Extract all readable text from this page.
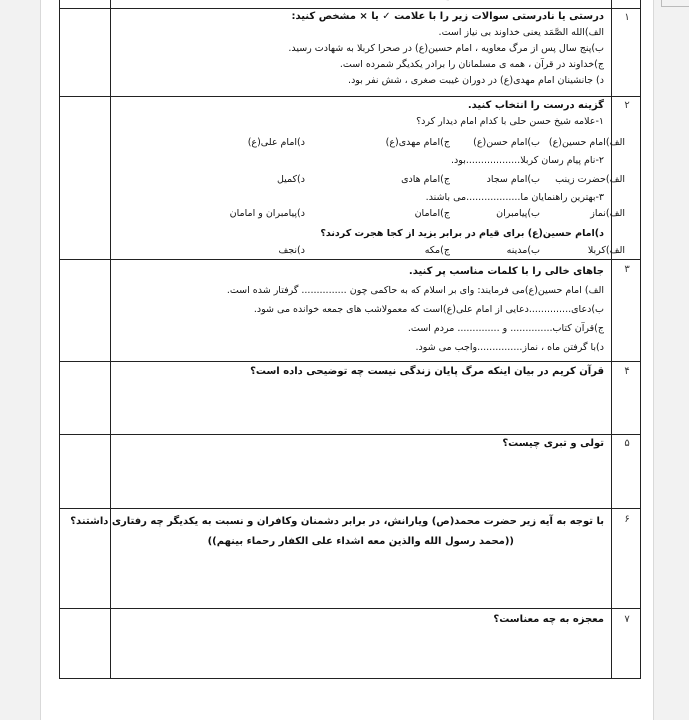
۱
درستی یا نادرستی سوالات زیر را با علامت ✓ یا × مشخص کنید:
الف)الله الصَّمَد یعنی خداوند بی نیاز است.
ب)پنج سال پس از مرگ معاویه ، امام حسین(ع) در صحرا کربلا به شهادت رسید.
ج)خداوند در قرآن ، همه ی مسلمانان را برادر یکدیگر شمرده است.
د) جانشینان امام مهدی(ع) در دوران غیبت صغری ، شش نفر بود.
۲
گزینه درست را انتخاب کنید.
۱-علامه شیخ حسن حلی با کدام امام دیدار کرد؟
الف)امام حسین(ع)
ب)امام حسن(ع)
ج)امام مهدی(ع)
د)امام علی(ع)
۲-نام پیام رسان کربلا..................بود.
الف)حضرت زینب
ب)امام سجاد
ج)امام هادی
د)کمیل
۳-بهترین راهنمایان ما..................می باشند.
الف)نماز
ب)پیامبران
ج)امامان
د)پیامبران و امامان
د)امام حسین(ع) برای قیام در برابر یزید از کجا هجرت کردند؟
الف)کربلا
ب)مدینه
ج)مکه
د)نجف
۳
جاهای خالی را با کلمات مناسب پر کنید.
الف) امام حسین(ع)می فرمایند: وای بر اسلام که به حاکمی چون ............... گرفتار شده است.
ب)دعای..............دعایی از امام علی(ع)است که معمولاشب های جمعه خوانده می شود.
ج)قرآن کتاب.............. و .............. مردم است.
د)با گرفتن ماه ، نماز...............واجب می شود.
۴
قرآن کریم در بیان اینکه مرگ پایان زندگی نیست چه توضیحی داده است؟
۵
تولی و تبری چیست؟
۶
با توجه به آیه زیر حضرت محمد(ص) ویارانش، در برابر دشمنان وکافران و نسبت به یکدیگر چه رفتاری داشتند؟
((محمد رسول الله والذین معه اشداء علی الکفار رحماء بینهم))
۷
معجزه به چه معناست؟
